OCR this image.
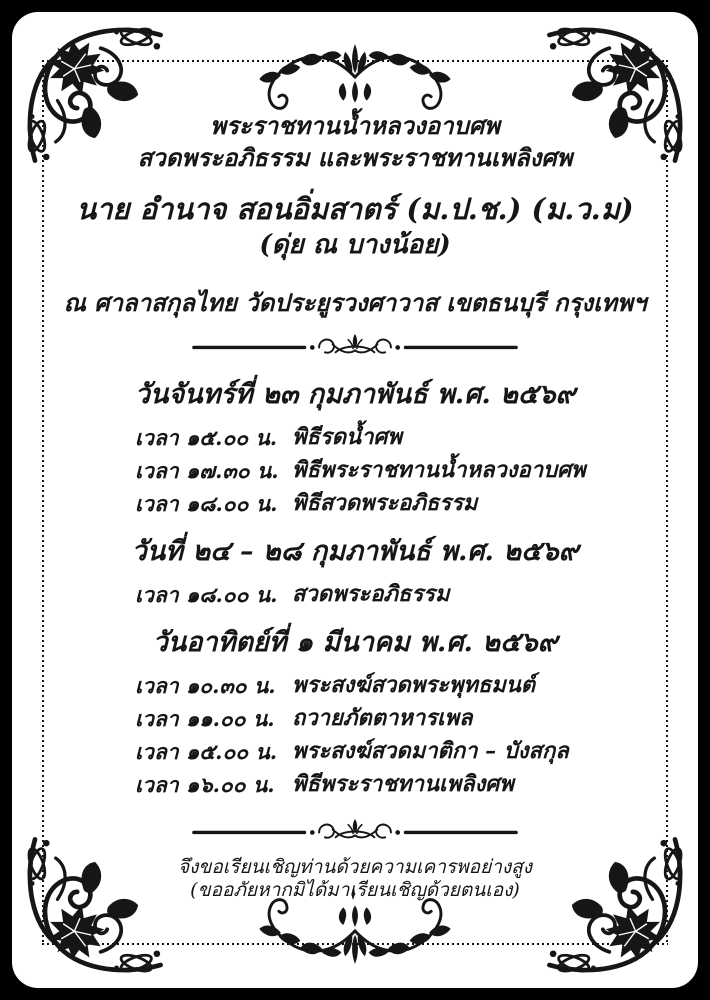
พระราชทานน้ำหลวงอาบศพ
สวดพระอภิธรรม และพระราชทานเพลิงศพ
นาย อำนาจ สอนอิ่มสาตร์ (ม.ป.ช.) (ม.ว.ม)
(ดุ่ย ณ บางน้อย)
ณ ศาลาสกุลไทย วัดประยูรวงศาวาส เขตธนบุรี กรุงเทพฯ
วันจันทร์ที่ ๒๓ กุมภาพันธ์ พ.ศ. ๒๕๖๙
เวลา ๑๕.๐๐ น. พิธีรดน้ำศพ
เวลา ๑๗.๓๐ น. พิธีพระราชทานน้ำหลวงอาบศพ
เวลา ๑๘.๐๐ น. พิธีสวดพระอภิธรรม
วันที่ ๒๔ – ๒๘ กุมภาพันธ์ พ.ศ. ๒๕๖๙
เวลา ๑๘.๐๐ น. สวดพระอภิธรรม
วันอาทิตย์ที่ ๑ มีนาคม พ.ศ. ๒๕๖๙
เวลา ๑๐.๓๐ น. พระสงฆ์สวดพระพุทธมนต์
เวลา ๑๑.๐๐ น. ถวายภัตตาหารเพล
เวลา ๑๕.๐๐ น. พระสงฆ์สวดมาติกา – บังสกุล
เวลา ๑๖.๐๐ น. พิธีพระราชทานเพลิงศพ
จึงขอเรียนเชิญท่านด้วยความเคารพอย่างสูง
(ขออภัยหากมิได้มาเรียนเชิญด้วยตนเอง)
